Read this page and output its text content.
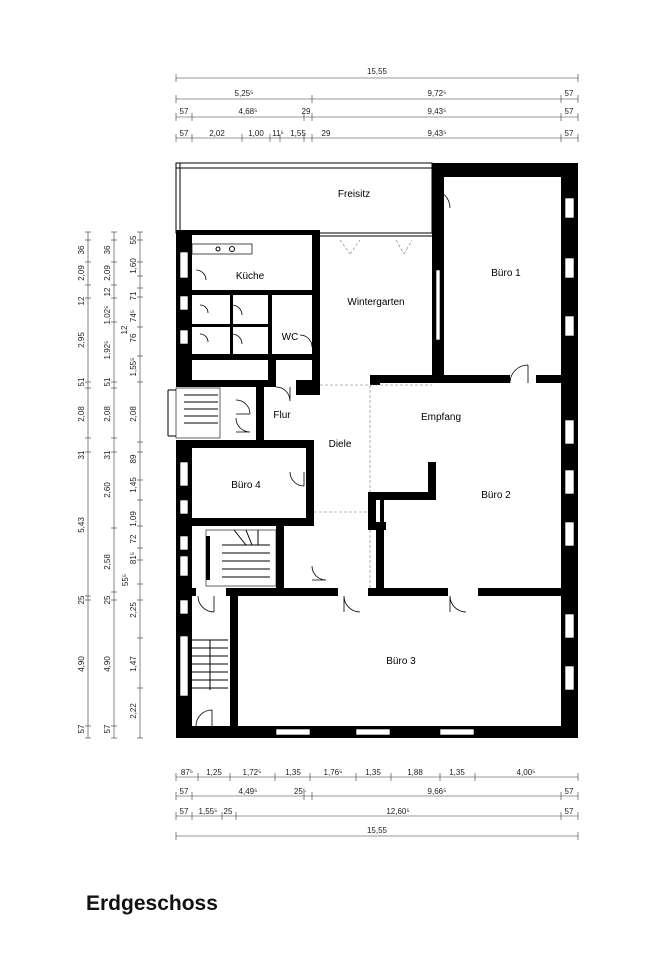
15,55
5,25⁵	9,72⁵	57
57	4,68⁵	29	9,43⁵	57
57	2,02	1,00 11⁵ 1,55 29	9,43⁵	57
36
2,09
12
2,95
51
2,08
31
5,43
25
4,90
57
36
2,09
12
1,02⁵
1,92⁵
51
2,08
31
2,60
2,58
25
4,90
57
55
1,60
71
74⁵
12
76
1,55⁵
2,08
89
1,45
1,09
72
81⁵
55⁵
2,25
1,47
2,22
87⁵ 1,25	1,72⁵	1,35	1,76⁵	1,35	1,88	1,35	4,00⁵
57	4,49⁵	25⁵	9,66⁵	57
57 1,55⁵ 25	12,60⁵	57
15,55
Freisitz
Küche
Wintergarten
WC
Büro 1
Flur	Empfang
Diele
Büro 4
Büro 2
Büro 3
Erdgeschoss
